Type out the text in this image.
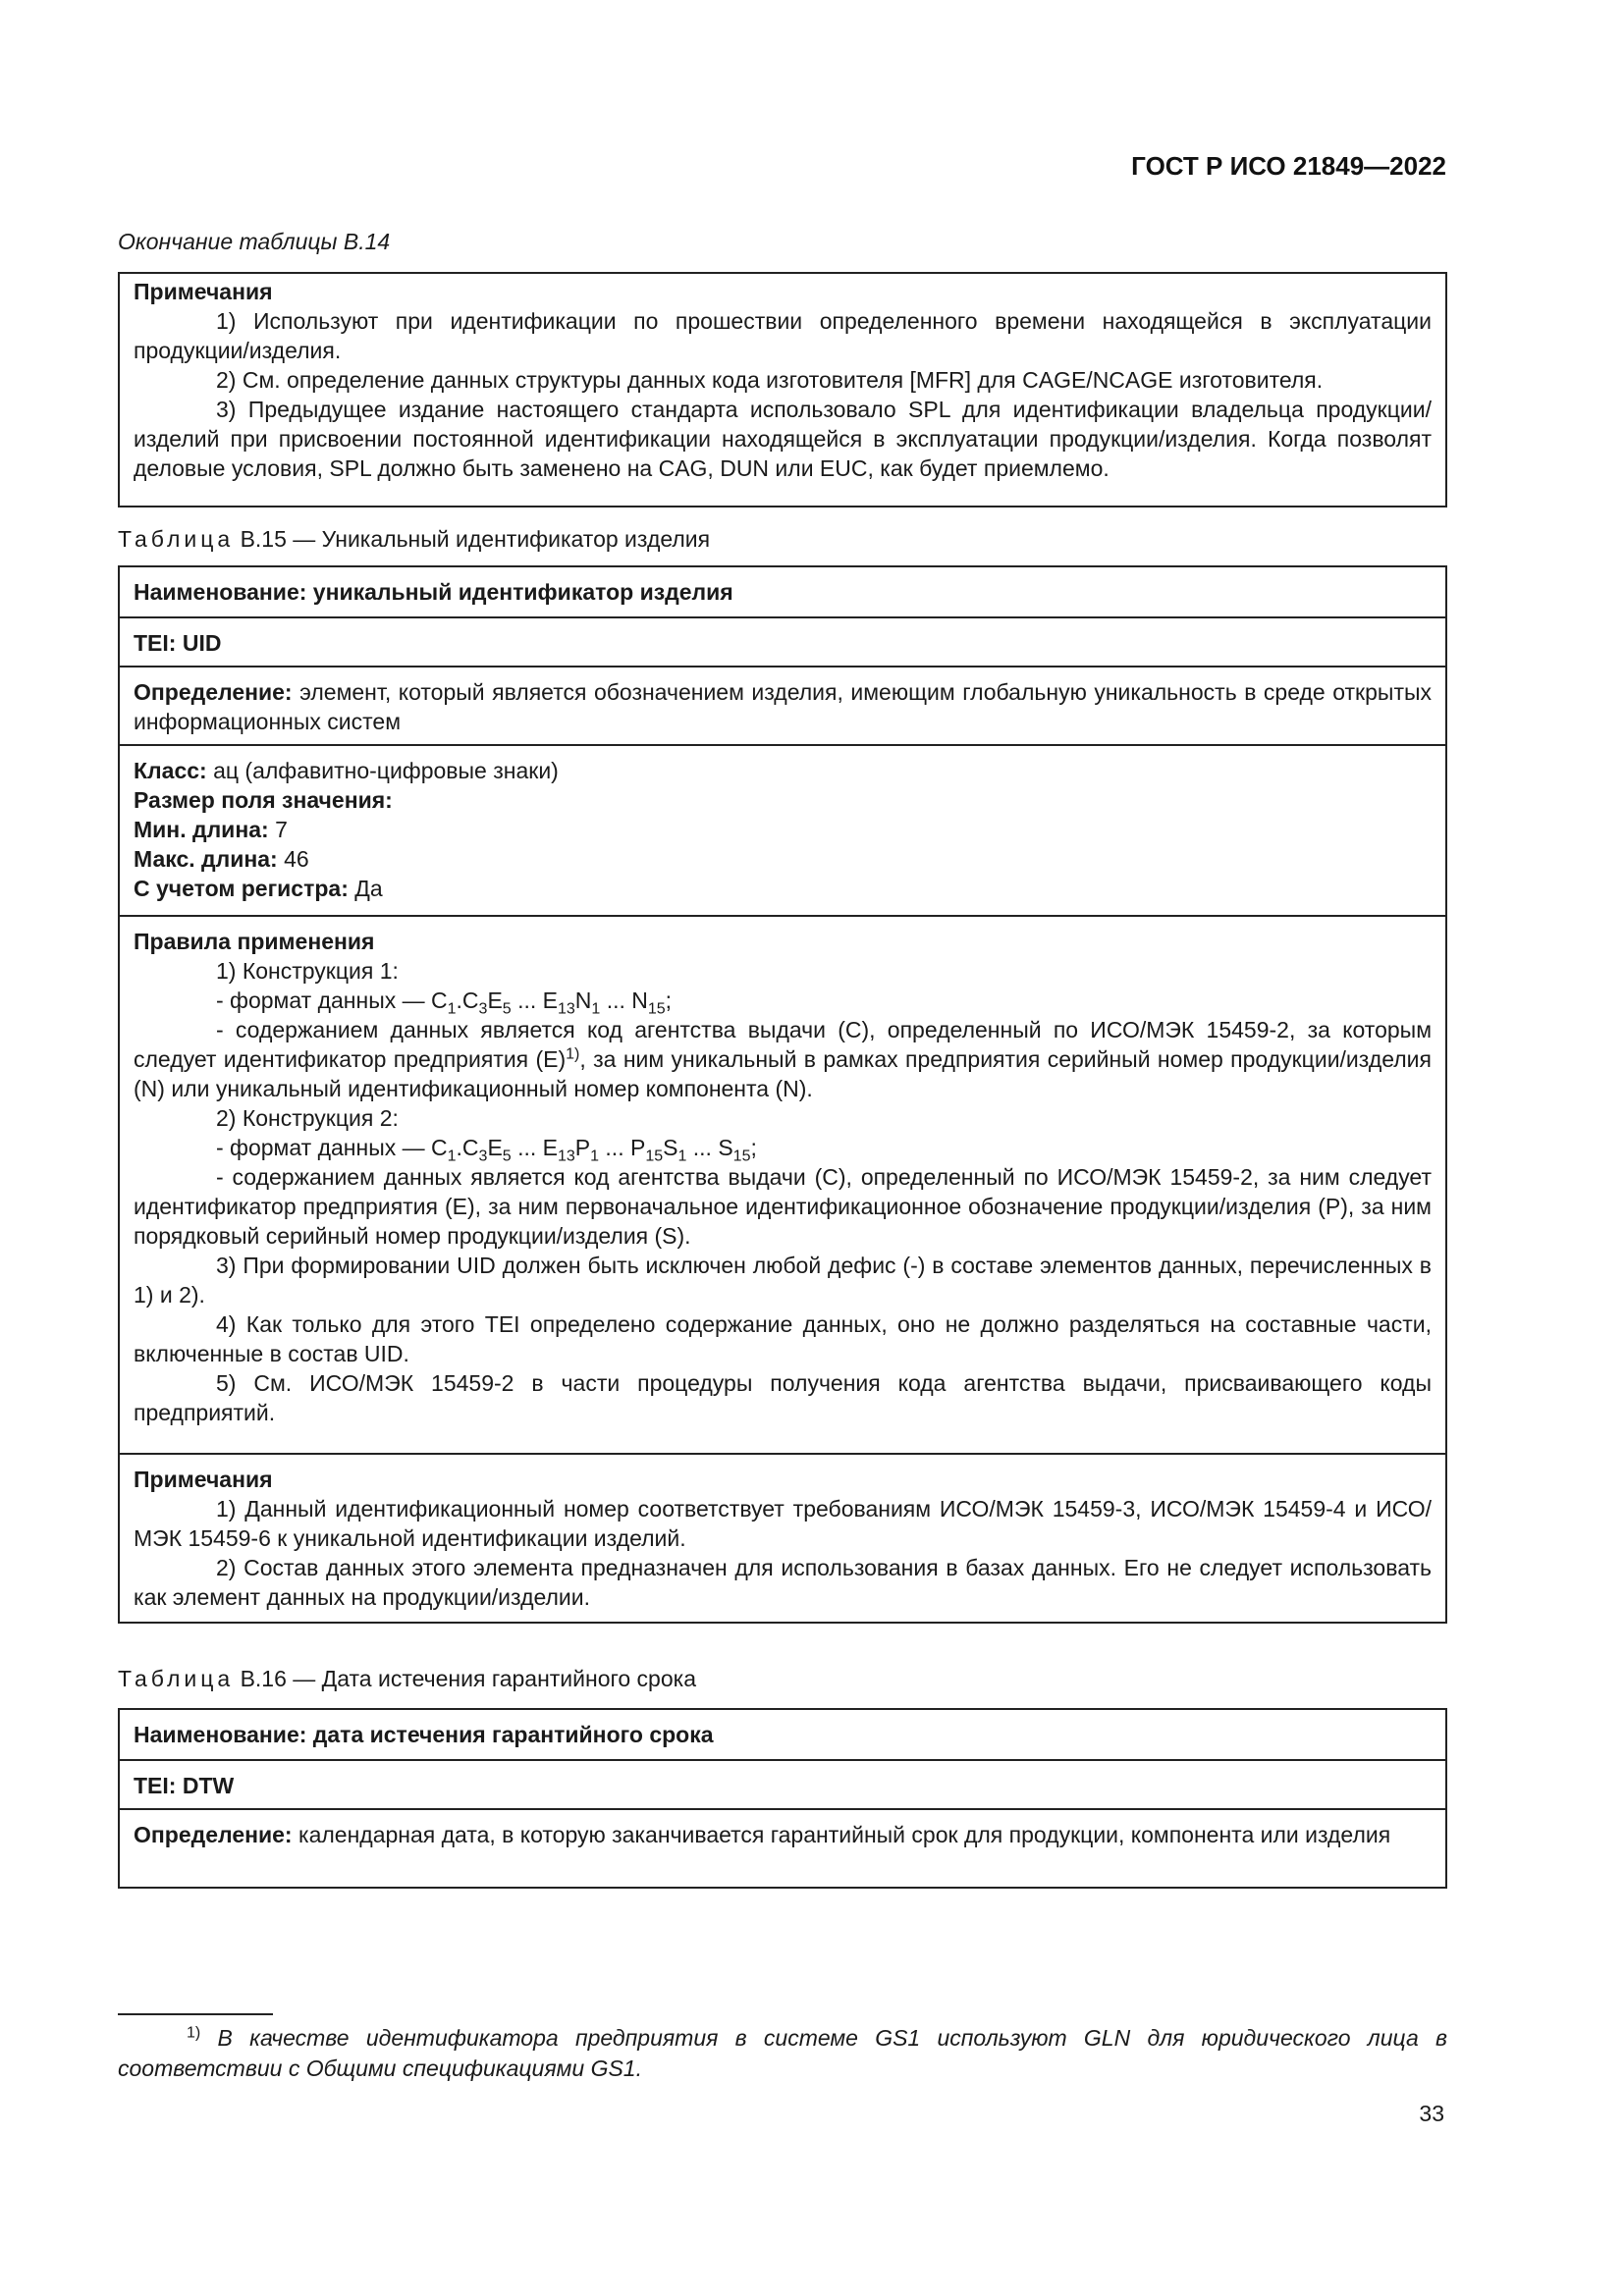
ГОСТ Р ИСО 21849—2022
Окончание таблицы B.14

Примечания

1) Используют при идентификации по прошествии определенного времени находящейся в эксплуатации продукции/изделия.

2) См. определение данных структуры данных кода изготовителя [MFR] для CAGE/NCAGE изготовителя.

3) Предыдущее издание настоящего стандарта использовало SPL для идентификации владельца продукции/изделий при присвоении постоянной идентификации находящейся в эксплуатации продукции/изделия. Когда позволят деловые условия, SPL должно быть заменено на CAG, DUN или EUC, как будет приемлемо.

Таблица B.15 — Уникальный идентификатор изделия

Наименование: уникальный идентификатор изделия

TEI: UID

Определение: элемент, который является обозначением изделия, имеющим глобальную уникальность в среде открытых информационных систем

Класс: ац (алфавитно-цифровые знаки)

Размер поля значения:

Мин. длина: 7

Макс. длина: 46

С учетом регистра: Да

Правила применения

1) Конструкция 1:

- формат данных — $C_1.C_3E_5$ ... $E_{13}N_1$ ... $N_{15}$;

- содержанием данных является код агентства выдачи (С), определенный по ИСО/МЭК 15459-2, за которым следует идентификатор предприятия $(Е)^{1)}$, за ним уникальный в рамках предприятия серийный номер продукции/изделия (N) или уникальный идентификационный номер компонента (N).

2) Конструкция 2:

- формат данных — $C_1.C_3E_5$ ... $E_{13}P_1$ ... $P_{15}S_1$ ... $S_{15}$;

- содержанием данных является код агентства выдачи (С), определенный по ИСО/МЭК 15459-2, за ним следует идентификатор предприятия (Е), за ним первоначальное идентификационное обозначение продукции/изделия (Р), за ним порядковый серийный номер продукции/изделия (S).

3) При формировании UID должен быть исключен любой дефис (-) в составе элементов данных, перечисленных в 1) и 2).

4) Как только для этого TEI определено содержание данных, оно не должно разделяться на составные части, включенные в состав UID.

5) См. ИСО/МЭК 15459-2 в части процедуры получения кода агентства выдачи, присваивающего коды предприятий.

Примечания

1) Данный идентификационный номер соответствует требованиям ИСО/МЭК 15459-3, ИСО/МЭК 15459-4 и ИСО/МЭК 15459-6 к уникальной идентификации изделий.

2) Состав данных этого элемента предназначен для использования в базах данных. Его не следует использовать как элемент данных на продукции/изделии.

Таблица B.16 — Дата истечения гарантийного срока

Наименование: дата истечения гарантийного срока

TEI: DTW

Определение: календарная дата, в которую заканчивается гарантийный срок для продукции, компонента или изделия

$^{1)}$ В качестве идентификатора предприятия в системе GS1 используют GLN для юридического лица в соответствии с Общими спецификациями GS1.
33
